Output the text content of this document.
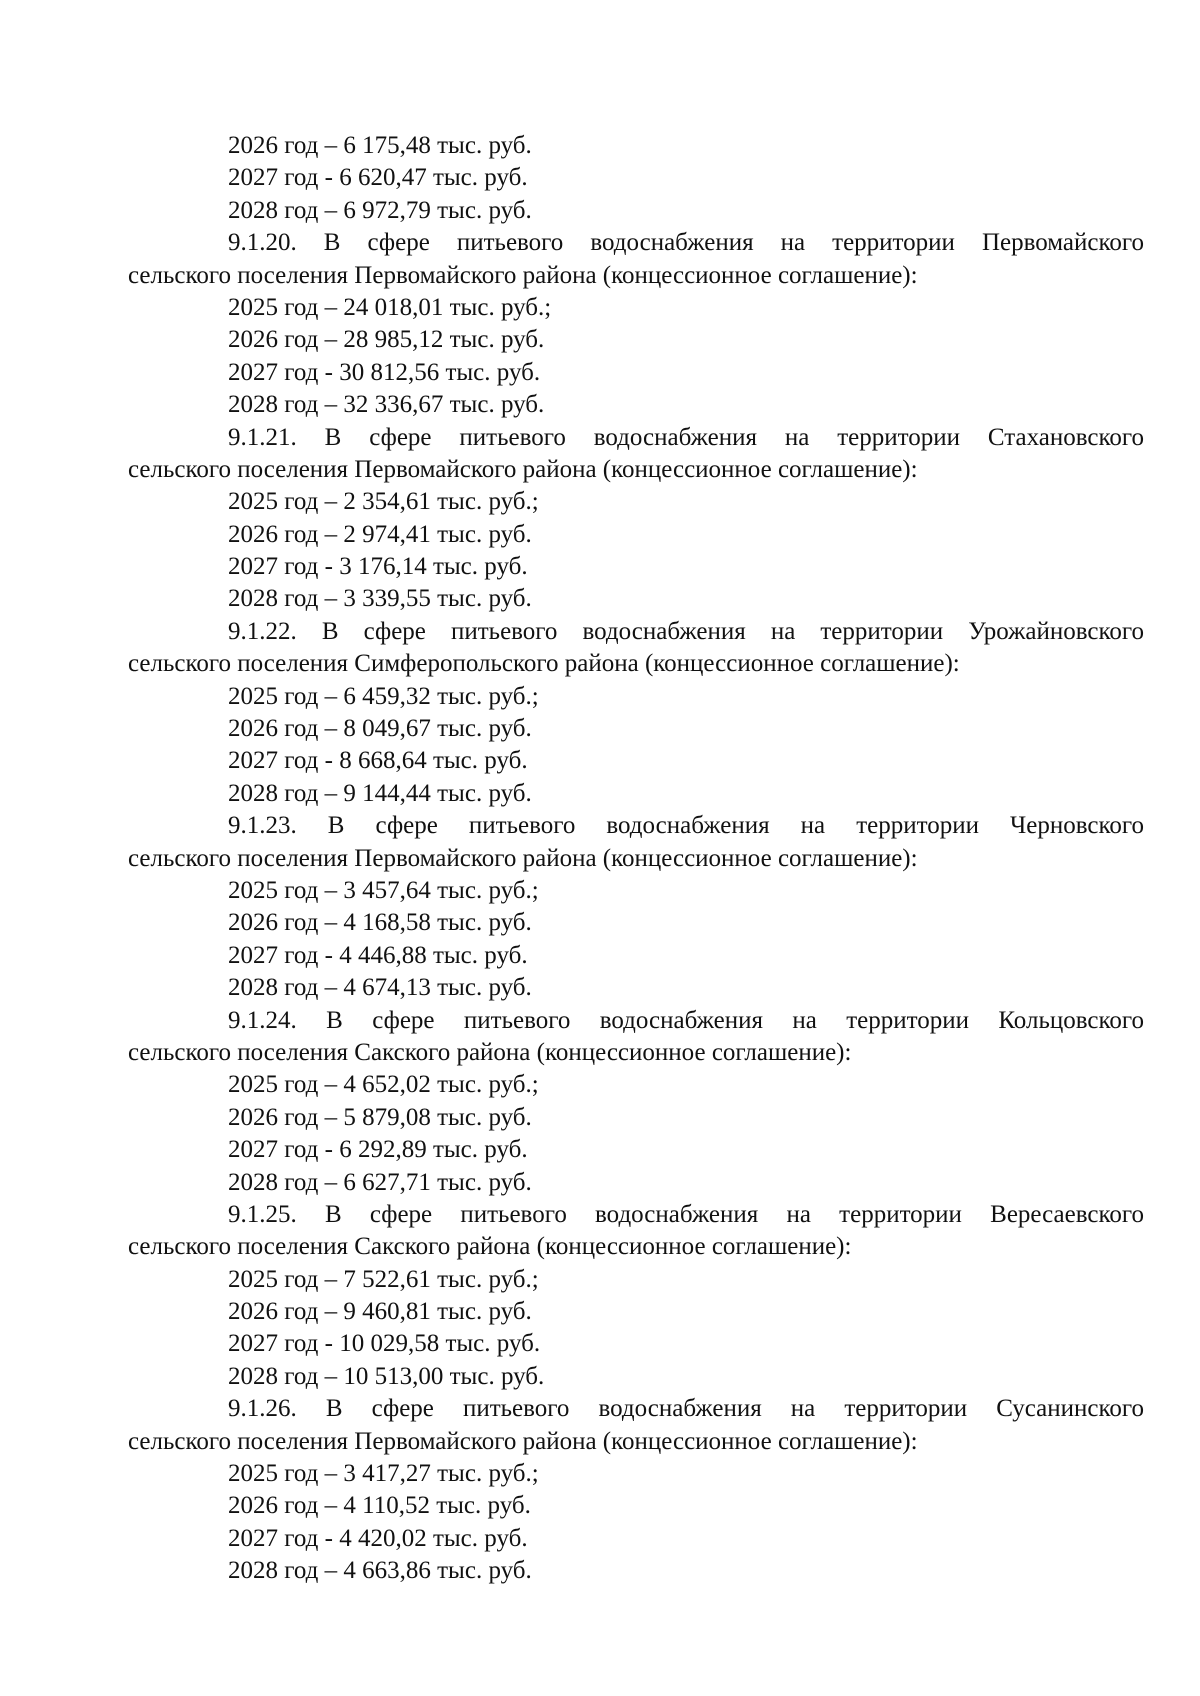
2026 год – 6 175,48 тыс. руб.
2027 год - 6 620,47 тыс. руб.
2028 год – 6 972,79 тыс. руб.
9.1.20. В сфере питьевого водоснабжения на территории Первомайского
сельского поселения Первомайского района (концессионное соглашение):
2025 год – 24 018,01 тыс. руб.;
2026 год – 28 985,12 тыс. руб.
2027 год - 30 812,56 тыс. руб.
2028 год – 32 336,67 тыс. руб.
9.1.21. В сфере питьевого водоснабжения на территории Стахановского
сельского поселения Первомайского района (концессионное соглашение):
2025 год – 2 354,61 тыс. руб.;
2026 год – 2 974,41 тыс. руб.
2027 год - 3 176,14 тыс. руб.
2028 год – 3 339,55 тыс. руб.
9.1.22. В сфере питьевого водоснабжения на территории Урожайновского
сельского поселения Симферопольского района (концессионное соглашение):
2025 год – 6 459,32 тыс. руб.;
2026 год – 8 049,67 тыс. руб.
2027 год - 8 668,64 тыс. руб.
2028 год – 9 144,44 тыс. руб.
9.1.23. В сфере питьевого водоснабжения на территории Черновского
сельского поселения Первомайского района (концессионное соглашение):
2025 год – 3 457,64 тыс. руб.;
2026 год – 4 168,58 тыс. руб.
2027 год - 4 446,88 тыс. руб.
2028 год – 4 674,13 тыс. руб.
9.1.24. В сфере питьевого водоснабжения на территории Кольцовского
сельского поселения Сакского района (концессионное соглашение):
2025 год – 4 652,02 тыс. руб.;
2026 год – 5 879,08 тыс. руб.
2027 год - 6 292,89 тыс. руб.
2028 год – 6 627,71 тыс. руб.
9.1.25. В сфере питьевого водоснабжения на территории Вересаевского
сельского поселения Сакского района (концессионное соглашение):
2025 год – 7 522,61 тыс. руб.;
2026 год – 9 460,81 тыс. руб.
2027 год - 10 029,58 тыс. руб.
2028 год – 10 513,00 тыс. руб.
9.1.26. В сфере питьевого водоснабжения на территории Сусанинского
сельского поселения Первомайского района (концессионное соглашение):
2025 год – 3 417,27 тыс. руб.;
2026 год – 4 110,52 тыс. руб.
2027 год - 4 420,02 тыс. руб.
2028 год – 4 663,86 тыс. руб.
